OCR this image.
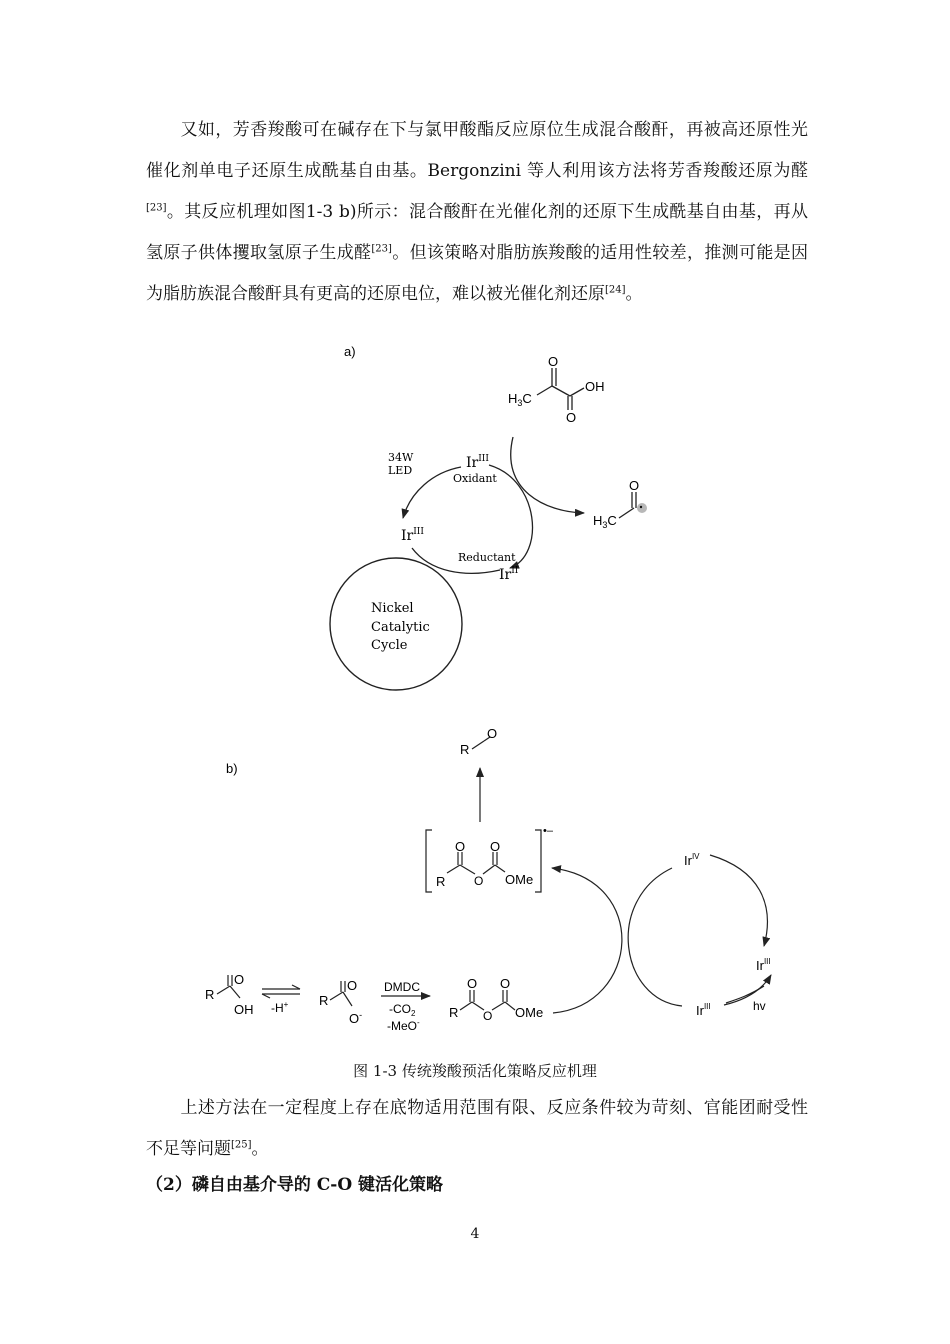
又如，芳香羧酸可在碱存在下与氯甲酸酯反应原位生成混合酸酐，再被高还原性光催化剂单电子还原生成酰基自由基。Bergonzini 等人利用该方法将芳香羧酸还原为醛[23]。其反应机理如图1-3 b)所示：混合酸酐在光催化剂的还原下生成酰基自由基，再从氢原子供体攫取氢原子生成醛[23]。但该策略对脂肪族羧酸的适用性较差，推测可能是因为脂肪族混合酸酐具有更高的还原电位，难以被光催化剂还原[24]。

a)
$H_3C$
O
OH
O
34W
LED	$Ir^{III}$
Oxidant
$Ir^{III}$
Reductant
$Ir^{II}$
O
$H_3C$
Nickel
Catalytic
Cycle
b)
R
O
•–
O O
O
R	OMe
R
O
OH -H+ R
O
O-
DMDC
$-CO_2$
-MeO-
O O
O
R	OMe
$Ir^{IV}$
$Ir^{III}$
$Ir^{III}$	hv
图 1-3 传统羧酸预活化策略反应机理

上述方法在一定程度上存在底物适用范围有限、反应条件较为苛刻、官能团耐受性不足等问题[25]。

（2）磷自由基介导的 C-O 键活化策略

4
